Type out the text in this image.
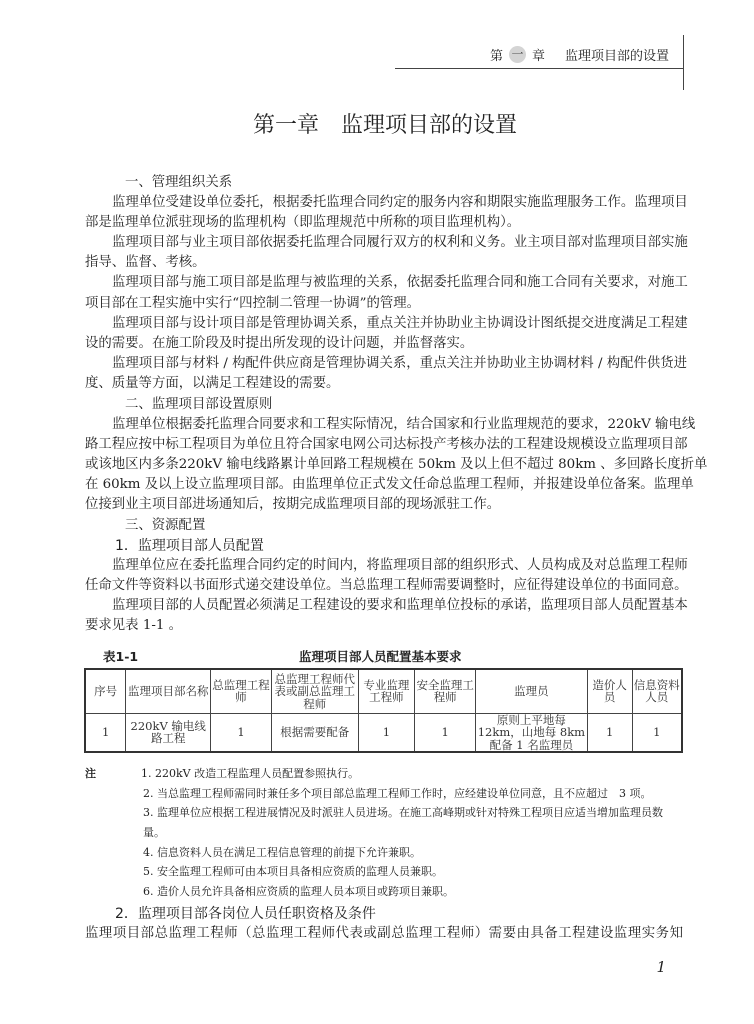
第 一 章 监理项目部的设置
第一章　监理项目部的设置
一、管理组织关系
监理单位受建设单位委托，根据委托监理合同约定的服务内容和期限实施监理服务工作。监理项目
部是监理单位派驻现场的监理机构（即监理规范中所称的项目监理机构）。
监理项目部与业主项目部依据委托监理合同履行双方的权利和义务。业主项目部对监理项目部实施
指导、监督、考核。
监理项目部与施工项目部是监理与被监理的关系，依据委托监理合同和施工合同有关要求，对施工
项目部在工程实施中实行“四控制二管理一协调”的管理。
监理项目部与设计项目部是管理协调关系，重点关注并协助业主协调设计图纸提交进度满足工程建
设的需要。在施工阶段及时提出所发现的设计问题，并监督落实。
监理项目部与材料 / 构配件供应商是管理协调关系，重点关注并协助业主协调材料 / 构配件供货进
度、质量等方面，以满足工程建设的需要。
二、监理项目部设置原则
监理单位根据委托监理合同要求和工程实际情况，结合国家和行业监理规范的要求，220kV 输电线
路工程应按中标工程项目为单位且符合国家电网公司达标投产考核办法的工程建设规模设立监理项目部
或该地区内多条220kV 输电线路累计单回路工程规模在 50km 及以上但不超过 80km 、多回路长度折单
在 60km 及以上设立监理项目部。由监理单位正式发文任命总监理工程师，并报建设单位备案。监理单
位接到业主项目部进场通知后，按期完成监理项目部的现场派驻工作。
三、资源配置
1．监理项目部人员配置
监理单位应在委托监理合同约定的时间内，将监理项目部的组织形式、人员构成及对总监理工程师
任命文件等资料以书面形式递交建设单位。当总监理工程师需要调整时，应征得建设单位的书面同意。
监理项目部的人员配置必须满足工程建设的要求和监理单位投标的承诺，监理项目部人员配置基本
要求见表 1-1 。
表1-1	监理项目部人员配置基本要求
序号	监理项目部名称	总监理工程师	总监理工程师代表或副总监理工程师	专业监理工程师	安全监理工程师	监理员	造价人员	信息资料人员
1	220kV 输电线路工程	1	根据需要配备	1	1	原则上平地每12km，山地每 8km 配备 1 名监理员	1	1
注	1. 220kV 改造工程监理人员配置参照执行。
2. 当总监理工程师需同时兼任多个项目部总监理工程师工作时，应经建设单位同意，且不应超过　3 项。
3. 监理单位应根据工程进展情况及时派驻人员进场。在施工高峰期或针对特殊工程项目应适当增加监理员数
量。
4. 信息资料人员在满足工程信息管理的前提下允许兼职。
5. 安全监理工程师可由本项目具备相应资质的监理人员兼职。
6. 造价人员允许具备相应资质的监理人员本项目或跨项目兼职。
2．监理项目部各岗位人员任职资格及条件
监理项目部总监理工程师（总监理工程师代表或副总监理工程师）需要由具备工程建设监理实务知
1
